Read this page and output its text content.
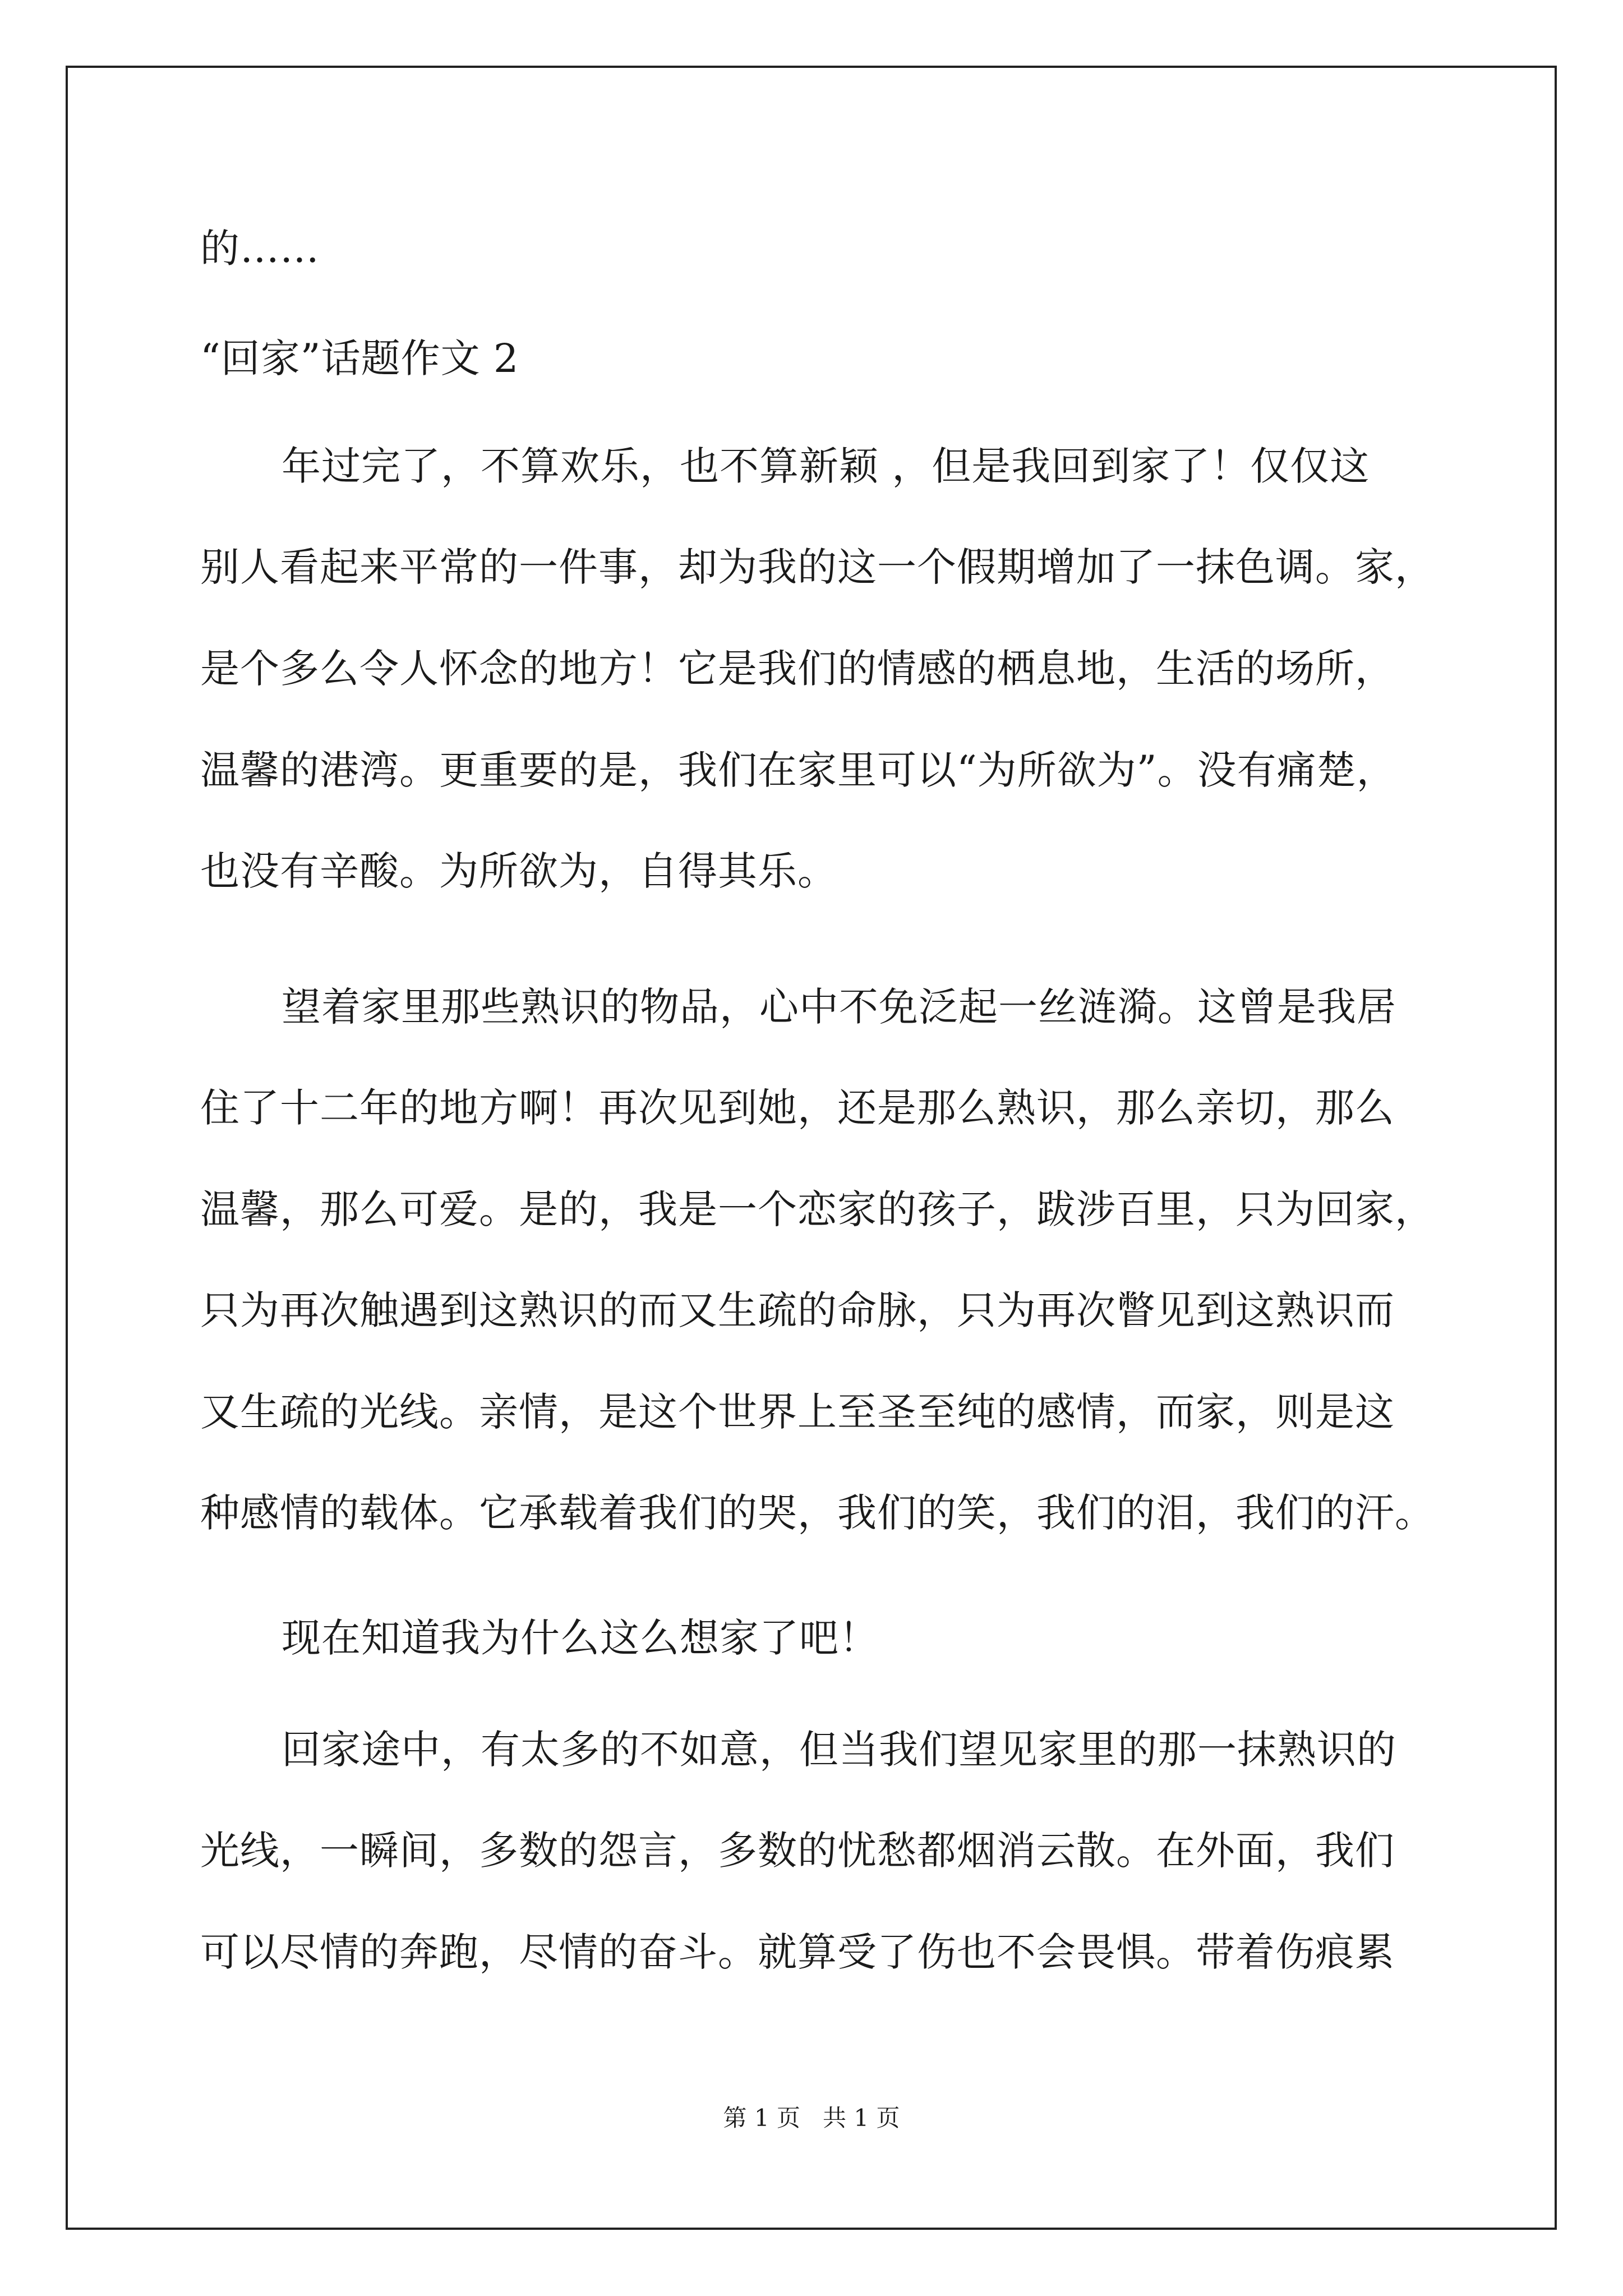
的……
“回家”话题作文 2
年过完了，不算欢乐，也不算新颖 ，但是我回到家了！仅仅这
别人看起来平常的一件事，却为我的这一个假期增加了一抹色调。家，
是个多么令人怀念的地方！它是我们的情感的栖息地，生活的场所，
温馨的港湾。更重要的是，我们在家里可以“为所欲为”。没有痛楚，
也没有辛酸。为所欲为，自得其乐。
望着家里那些熟识的物品，心中不免泛起一丝涟漪。这曾是我居
住了十二年的地方啊！再次见到她，还是那么熟识，那么亲切，那么
温馨，那么可爱。是的，我是一个恋家的孩子，跋涉百里，只为回家，
只为再次触遇到这熟识的而又生疏的命脉，只为再次瞥见到这熟识而
又生疏的光线。亲情，是这个世界上至圣至纯的感情，而家，则是这
种感情的载体。它承载着我们的哭，我们的笑，我们的泪，我们的汗。
现在知道我为什么这么想家了吧！
回家途中，有太多的不如意，但当我们望见家里的那一抹熟识的
光线，一瞬间，多数的怨言，多数的忧愁都烟消云散。在外面，我们
可以尽情的奔跑，尽情的奋斗。就算受了伤也不会畏惧。带着伤痕累
第 1 页   共 1 页
